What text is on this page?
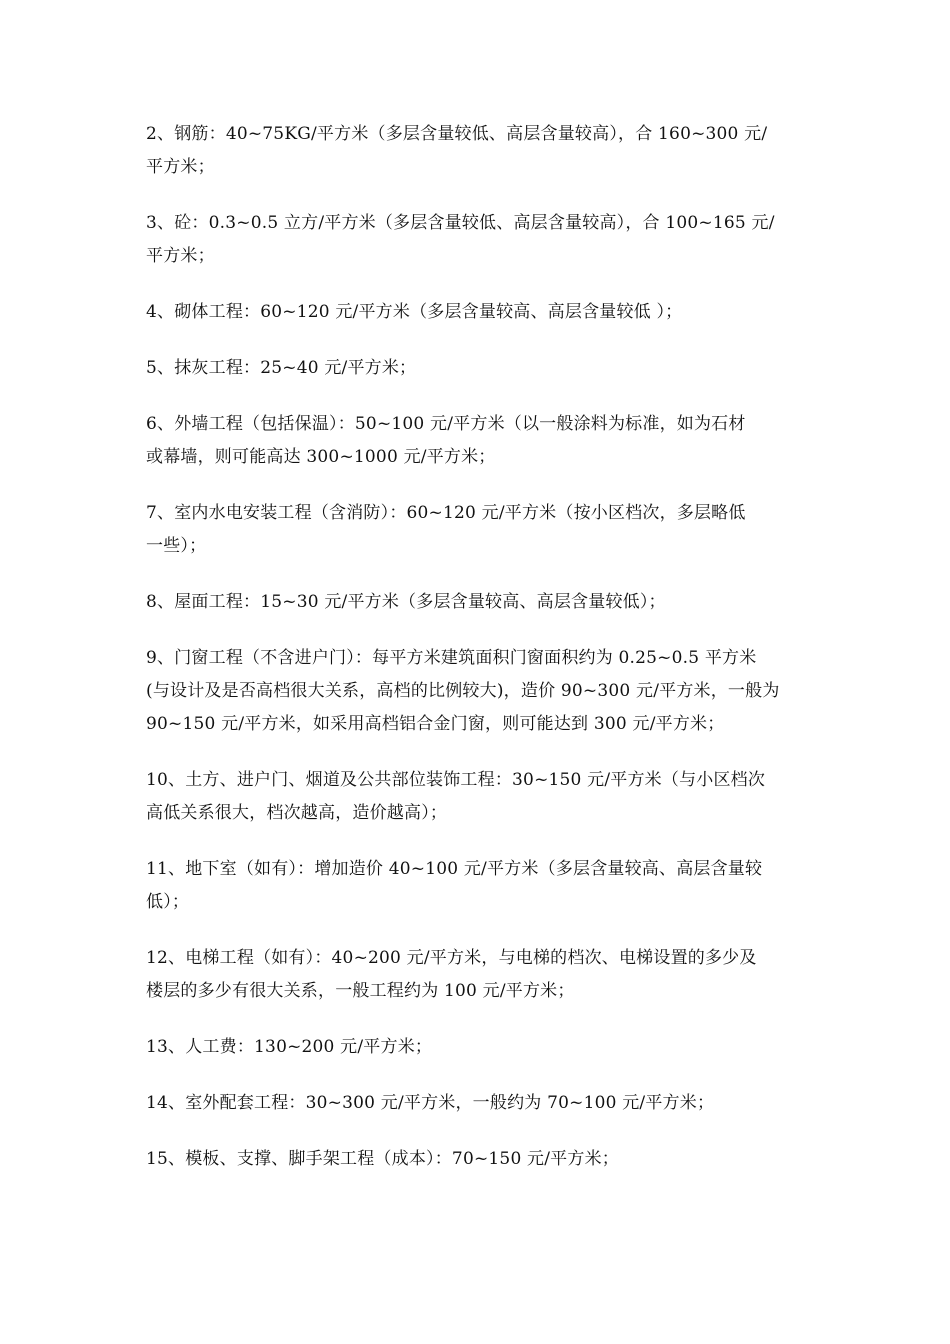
2、钢筋：40~75KG/平方米（多层含量较低、高层含量较高），合 160~300 元/
平方米；

3、砼：0.3~0.5 立方/平方米（多层含量较低、高层含量较高），合 100~165 元/
平方米；

4、砌体工程：60~120 元/平方米（多层含量较高、高层含量较低 ）；

5、抹灰工程：25~40 元/平方米；

6、外墙工程（包括保温）：50~100 元/平方米（以一般涂料为标准，如为石材
或幕墙，则可能高达 300~1000 元/平方米；

7、室内水电安装工程（含消防）：60~120 元/平方米（按小区档次，多层略低
一些）；

8、屋面工程：15~30 元/平方米（多层含量较高、高层含量较低）；

9、门窗工程（不含进户门）：每平方米建筑面积门窗面积约为 0.25~0.5 平方米
(与设计及是否高档很大关系，高档的比例较大)，造价 90~300 元/平方米，一般为
90~150 元/平方米，如采用高档铝合金门窗，则可能达到 300 元/平方米；

10、土方、进户门、烟道及公共部位装饰工程：30~150 元/平方米（与小区档次
高低关系很大，档次越高，造价越高）；

11、地下室（如有）：增加造价 40~100 元/平方米（多层含量较高、高层含量较
低）；

12、电梯工程（如有）：40~200 元/平方米，与电梯的档次、电梯设置的多少及
楼层的多少有很大关系，一般工程约为 100 元/平方米；

13、人工费：130~200 元/平方米；

14、室外配套工程：30~300 元/平方米，一般约为 70~100 元/平方米；

15、模板、支撑、脚手架工程（成本）：70~150 元/平方米；
